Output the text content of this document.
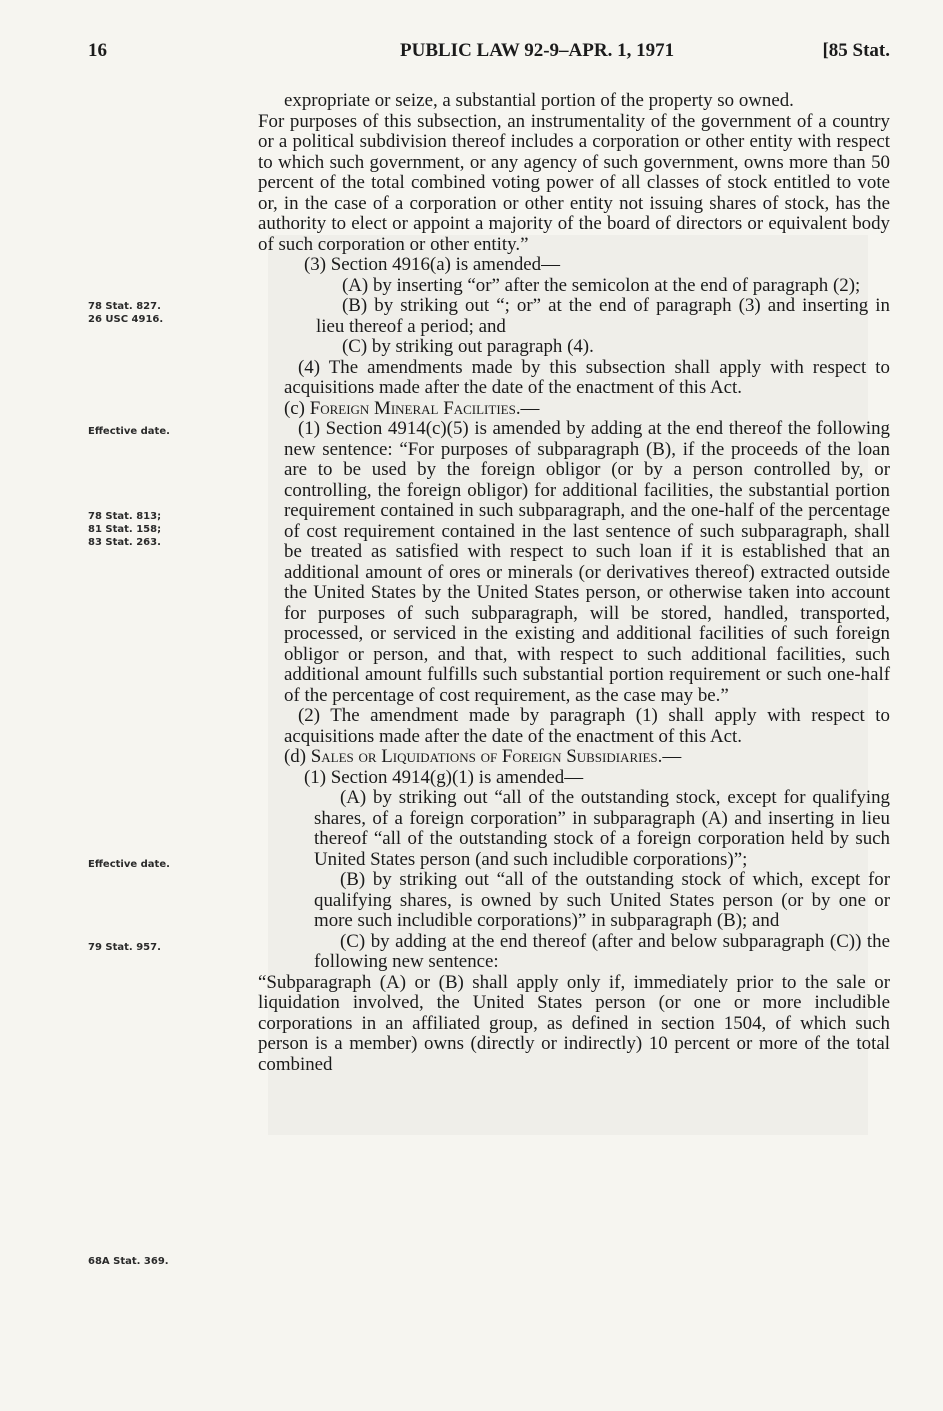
16	PUBLIC LAW 92-9–APR. 1, 1971	[85 Stat.
78 Stat. 827.
26 USC 4916.
Effective date.
78 Stat. 813;
81 Stat. 158;
83 Stat. 263.
Effective date.
79 Stat. 957.
68A Stat. 369.

expropriate or seize, a substantial portion of the property so owned.

For purposes of this subsection, an instrumentality of the government of a country or a political subdivision thereof includes a corporation or other entity with respect to which such government, or any agency of such government, owns more than 50 percent of the total combined voting power of all classes of stock entitled to vote or, in the case of a corporation or other entity not issuing shares of stock, has the authority to elect or appoint a majority of the board of directors or equivalent body of such corporation or other entity.”

(3) Section 4916(a) is amended—

(A) by inserting “or” after the semicolon at the end of paragraph (2);

(B) by striking out “; or” at the end of paragraph (3) and inserting in lieu thereof a period; and

(C) by striking out paragraph (4).

(4) The amendments made by this subsection shall apply with respect to acquisitions made after the date of the enactment of this Act.

(c) Foreign Mineral Facilities.—

(1) Section 4914(c)(5) is amended by adding at the end thereof the following new sentence: “For purposes of subparagraph (B), if the proceeds of the loan are to be used by the foreign obligor (or by a person controlled by, or controlling, the foreign obligor) for additional facilities, the substantial portion requirement contained in such subparagraph, and the one-half of the percentage of cost requirement contained in the last sentence of such subparagraph, shall be treated as satisfied with respect to such loan if it is established that an additional amount of ores or minerals (or derivatives thereof) extracted outside the United States by the United States person, or otherwise taken into account for purposes of such subparagraph, will be stored, handled, transported, processed, or serviced in the existing and additional facilities of such foreign obligor or person, and that, with respect to such additional facilities, such additional amount fulfills such substantial portion requirement or such one-half of the percentage of cost requirement, as the case may be.”

(2) The amendment made by paragraph (1) shall apply with respect to acquisitions made after the date of the enactment of this Act.

(d) Sales or Liquidations of Foreign Subsidiaries.—

(1) Section 4914(g)(1) is amended—

(A) by striking out “all of the outstanding stock, except for qualifying shares, of a foreign corporation” in subparagraph (A) and inserting in lieu thereof “all of the outstanding stock of a foreign corporation held by such United States person (and such includible corporations)”;

(B) by striking out “all of the outstanding stock of which, except for qualifying shares, is owned by such United States person (or by one or more such includible corporations)” in subparagraph (B); and

(C) by adding at the end thereof (after and below subparagraph (C)) the following new sentence:

“Subparagraph (A) or (B) shall apply only if, immediately prior to the sale or liquidation involved, the United States person (or one or more includible corporations in an affiliated group, as defined in section 1504, of which such person is a member) owns (directly or indirectly) 10 percent or more of the total combined
